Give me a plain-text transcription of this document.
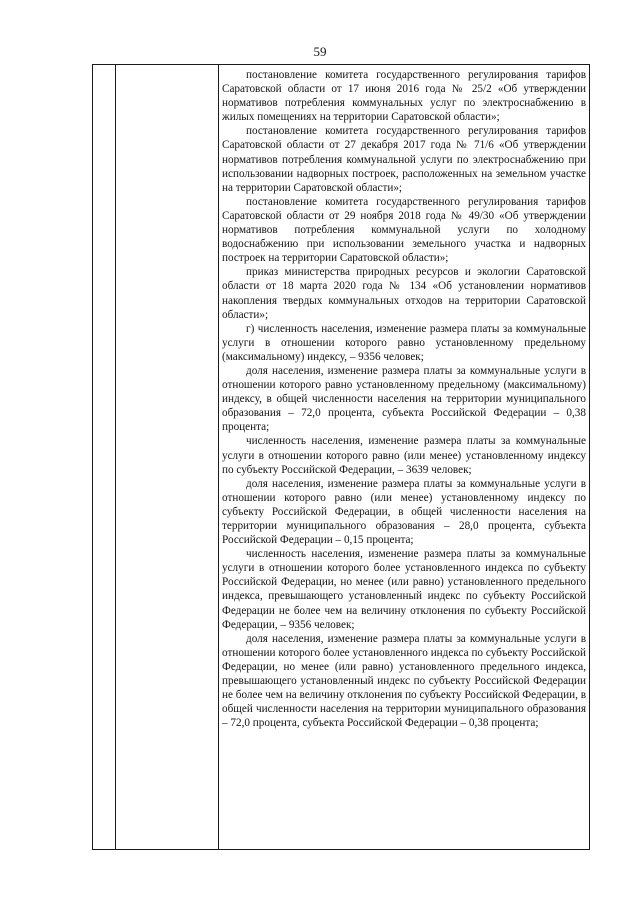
59

постановление комитета государственного регулирования тарифов Саратовской области от 17 июня 2016 года № 25/2 «Об утверждении нормативов потребления коммунальных услуг по электроснабжению в жилых помещениях на территории Саратовской области»;

постановление комитета государственного регулирования тарифов Саратовской области от 27 декабря 2017 года № 71/6 «Об утверждении нормативов потребления коммунальной услуги по электроснабжению при использовании надворных построек, расположенных на земельном участке на территории Саратовской области»;

постановление комитета государственного регулирования тарифов Саратовской области от 29 ноября 2018 года № 49/30 «Об утверждении нормативов потребления коммунальной услуги по холодному водоснабжению при использовании земельного участка и надворных построек на территории Саратовской области»;

приказ министерства природных ресурсов и экологии Саратовской области от 18 марта 2020 года № 134 «Об установлении нормативов накопления твердых коммунальных отходов на территории Саратовской области»;

г) численность населения, изменение размера платы за коммунальные услуги в отношении которого равно установленному предельному (максимальному) индексу, – 9356 человек;

доля населения, изменение размера платы за коммунальные услуги в отношении которого равно установленному предельному (максимальному) индексу, в общей численности населения на территории муниципального образования – 72,0 процента, субъекта Российской Федерации – 0,38 процента;

численность населения, изменение размера платы за коммунальные услуги в отношении которого равно (или менее) установленному индексу по субъекту Российской Федерации, – 3639 человек;

доля населения, изменение размера платы за коммунальные услуги в отношении которого равно (или менее) установленному индексу по субъекту Российской Федерации, в общей численности населения на территории муниципального образования – 28,0 процента, субъекта Российской Федерации – 0,15 процента;

численность населения, изменение размера платы за коммунальные услуги в отношении которого более установленного индекса по субъекту Российской Федерации, но менее (или равно) установленного предельного индекса, превышающего установленный индекс по субъекту Российской Федерации не более чем на величину отклонения по субъекту Российской Федерации, – 9356 человек;

доля населения, изменение размера платы за коммунальные услуги в отношении которого более установленного индекса по субъекту Российской Федерации, но менее (или равно) установленного предельного индекса, превышающего установленный индекс по субъекту Российской Федерации не более чем на величину отклонения по субъекту Российской Федерации, в общей численности населения на территории муниципального образования – 72,0 процента, субъекта Российской Федерации – 0,38 процента;
